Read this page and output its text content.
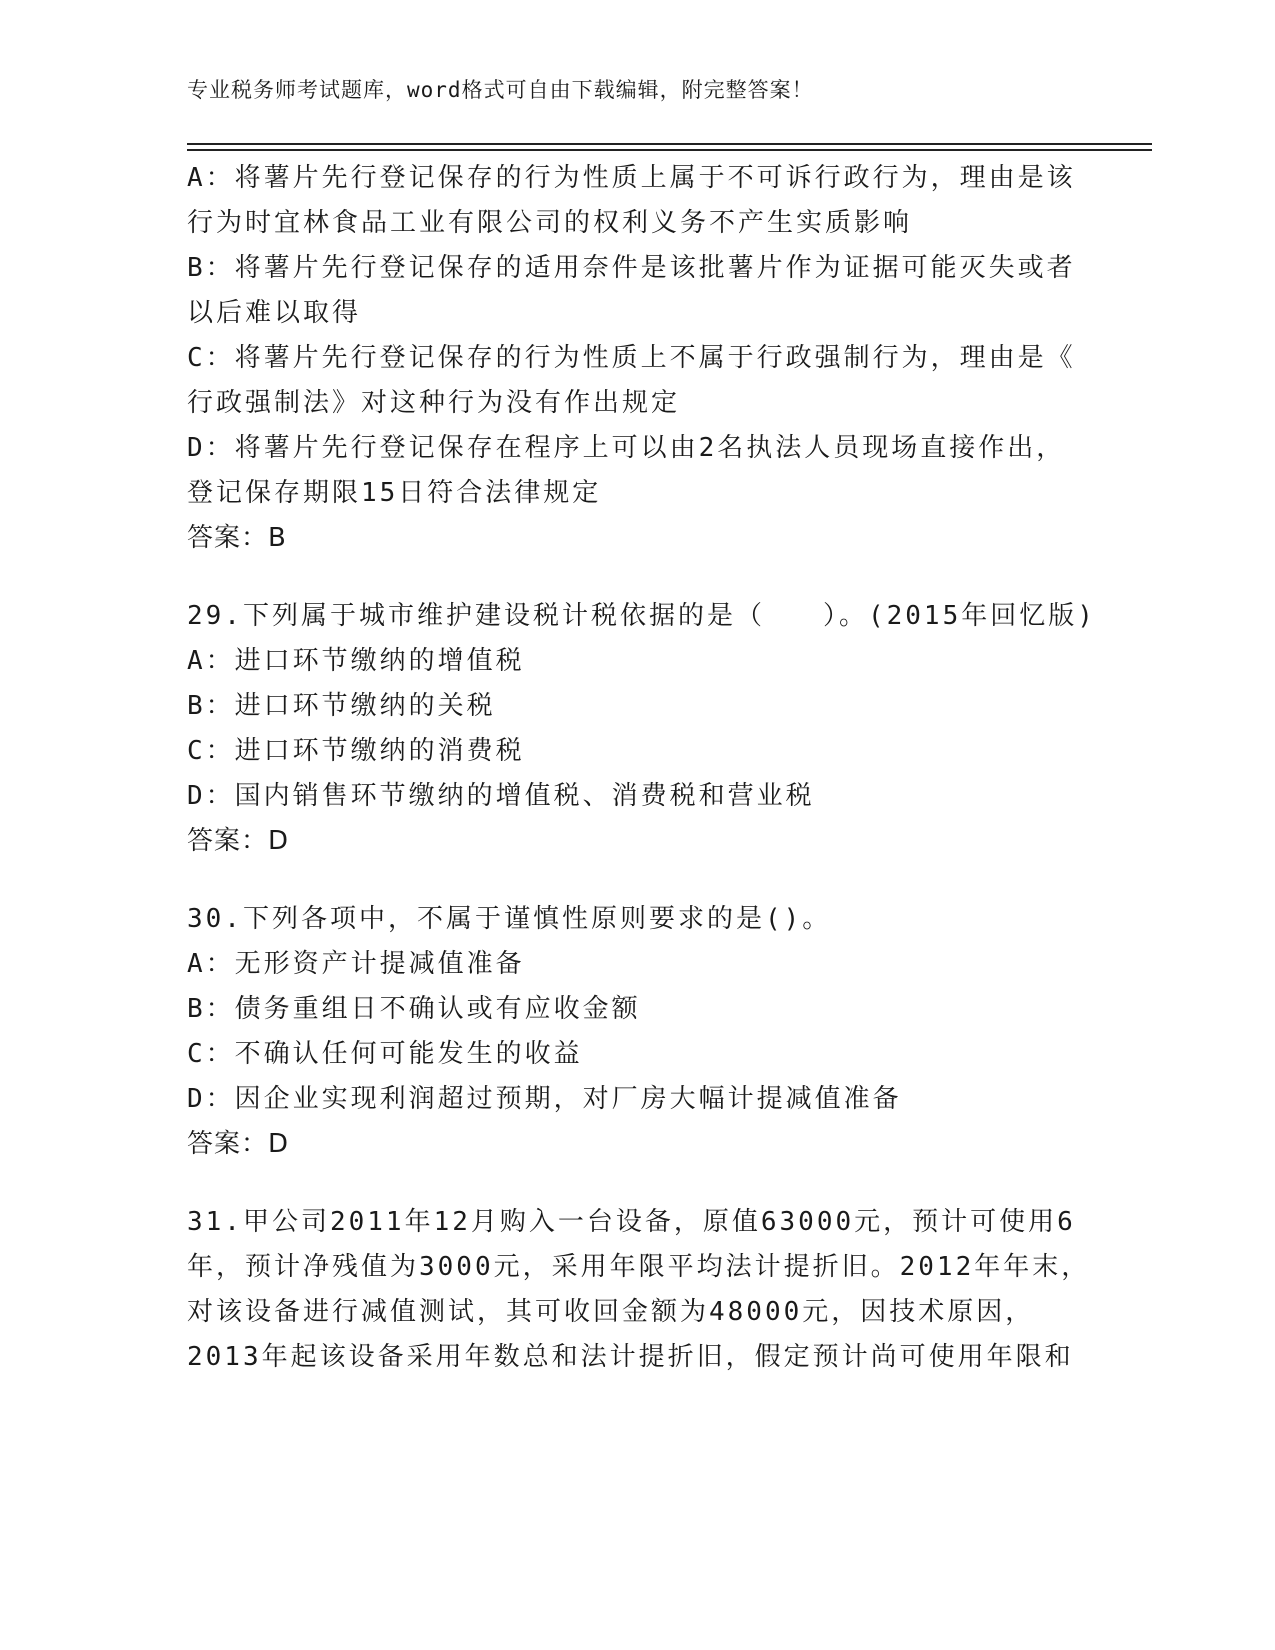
专业税务师考试题库，word格式可自由下载编辑，附完整答案！
A：将薯片先行登记保存的行为性质上属于不可诉行政行为，理由是该
行为时宜林食品工业有限公司的权利义务不产生实质影响
B：将薯片先行登记保存的适用奈件是该批薯片作为证据可能灭失或者
以后难以取得
C：将薯片先行登记保存的行为性质上不属于行政强制行为，理由是《
行政强制法》对这种行为没有作出规定
D：将薯片先行登记保存在程序上可以由2名执法人员现场直接作出，
登记保存期限15日符合法律规定
答案：B
29.下列属于城市维护建设税计税依据的是（　　）。(2015年回忆版)
A：进口环节缴纳的增值税
B：进口环节缴纳的关税
C：进口环节缴纳的消费税
D：国内销售环节缴纳的增值税、消费税和营业税
答案：D
30.下列各项中，不属于谨慎性原则要求的是()。
A：无形资产计提减值准备
B：债务重组日不确认或有应收金额
C：不确认任何可能发生的收益
D：因企业实现利润超过预期，对厂房大幅计提减值准备
答案：D
31.甲公司2011年12月购入一台设备，原值63000元，预计可使用6
年，预计净残值为3000元，采用年限平均法计提折旧。2012年年末，
对该设备进行减值测试，其可收回金额为48000元，因技术原因，
2013年起该设备采用年数总和法计提折旧，假定预计尚可使用年限和
